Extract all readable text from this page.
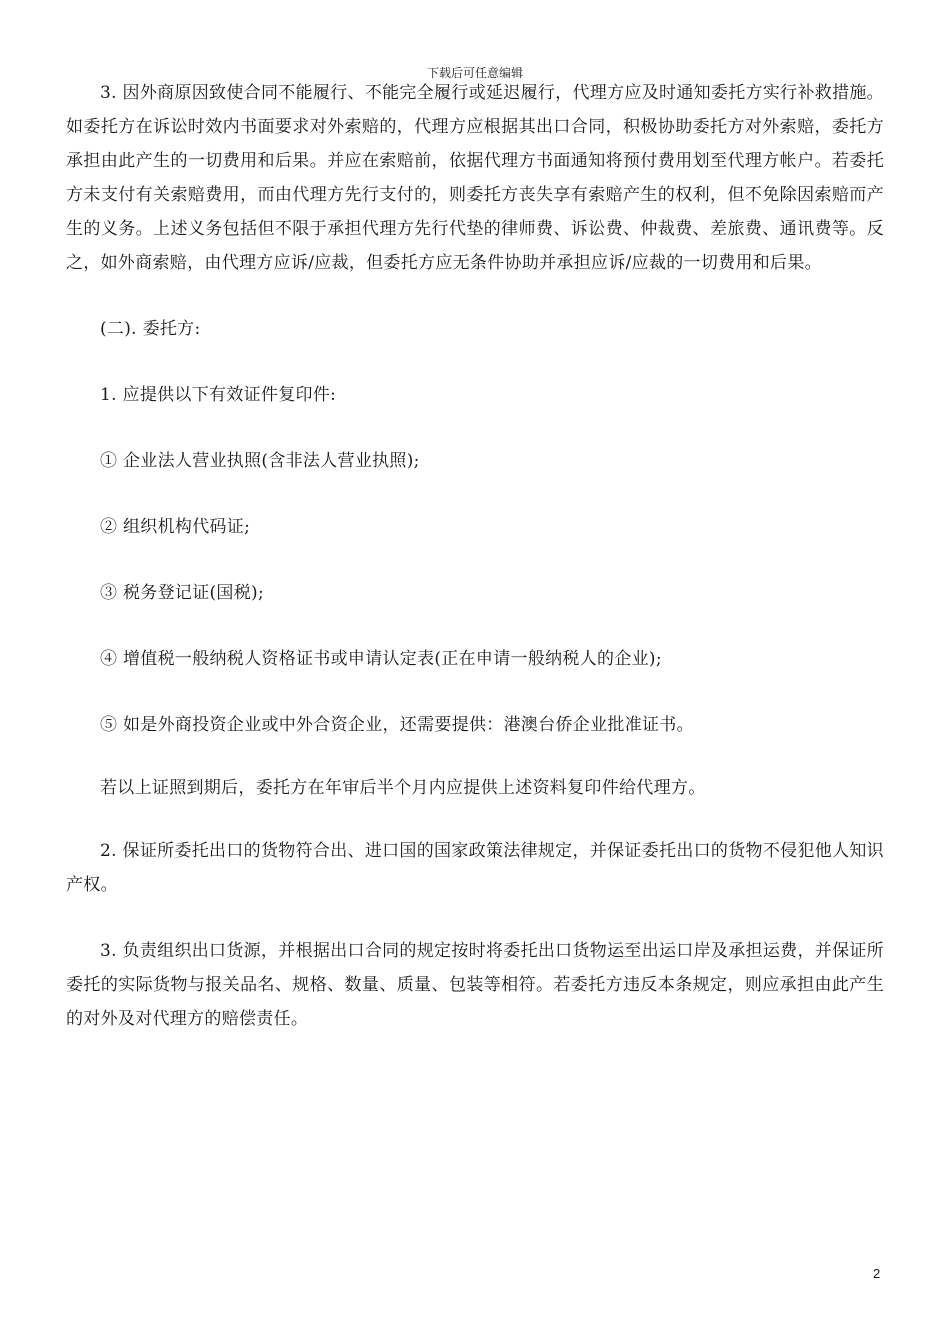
下载后可任意编辑

3. 因外商原因致使合同不能履行、不能完全履行或延迟履行，代理方应及时通知委托方实行补救措施。如委托方在诉讼时效内书面要求对外索赔的，代理方应根据其出口合同，积极协助委托方对外索赔，委托方承担由此产生的一切费用和后果。并应在索赔前，依据代理方书面通知将预付费用划至代理方帐户。若委托方未支付有关索赔费用，而由代理方先行支付的，则委托方丧失享有索赔产生的权利，但不免除因索赔而产生的义务。上述义务包括但不限于承担代理方先行代垫的律师费、诉讼费、仲裁费、差旅费、通讯费等。反之，如外商索赔，由代理方应诉/应裁，但委托方应无条件协助并承担应诉/应裁的一切费用和后果。

(二). 委托方:

1. 应提供以下有效证件复印件:

① 企业法人营业执照(含非法人营业执照);

② 组织机构代码证;

③ 税务登记证(国税);

④ 增值税一般纳税人资格证书或申请认定表(正在申请一般纳税人的企业);

⑤ 如是外商投资企业或中外合资企业，还需要提供：港澳台侨企业批准证书。

若以上证照到期后，委托方在年审后半个月内应提供上述资料复印件给代理方。

2. 保证所委托出口的货物符合出、进口国的国家政策法律规定，并保证委托出口的货物不侵犯他人知识产权。

3. 负责组织出口货源，并根据出口合同的规定按时将委托出口货物运至出运口岸及承担运费，并保证所委托的实际货物与报关品名、规格、数量、质量、包装等相符。若委托方违反本条规定，则应承担由此产生的对外及对代理方的赔偿责任。

2
